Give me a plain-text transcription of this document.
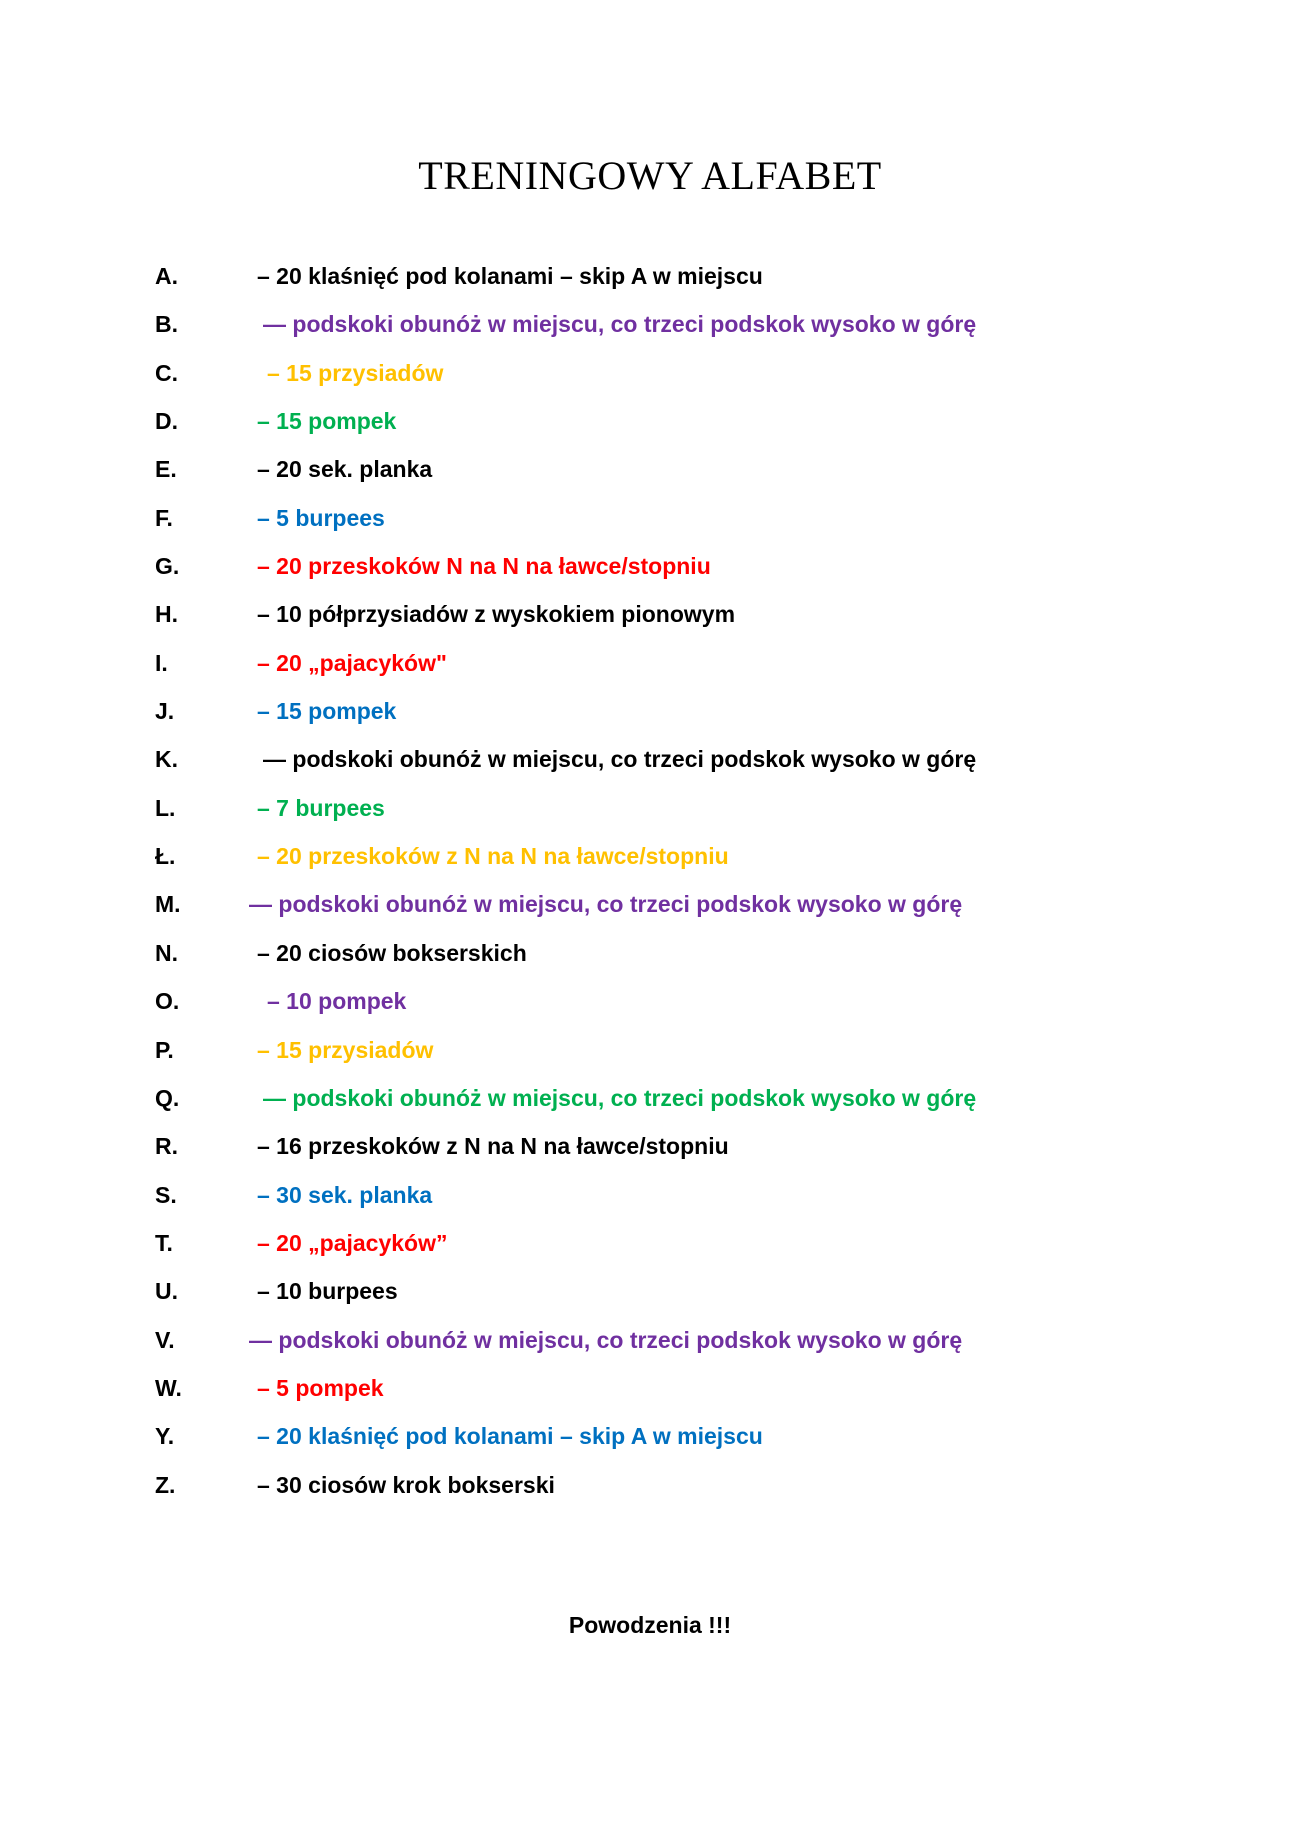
TRENINGOWY ALFABET
A.	– 20 klaśnięć pod kolanami – skip A w miejscu
B.	— podskoki obunóż w miejscu, co trzeci podskok wysoko w górę
C.	– 15 przysiadów
D.	– 15 pompek
E.	– 20 sek. planka
F.	– 5 burpees
G.	– 20 przeskoków N na N na ławce/stopniu
H.	– 10 półprzysiadów z wyskokiem pionowym
I.	– 20 „pajacyków"
J.	– 15 pompek
K.	— podskoki obunóż w miejscu, co trzeci podskok wysoko w górę
L.	– 7 burpees
Ł.	– 20 przeskoków z N na N na ławce/stopniu
M.	— podskoki obunóż w miejscu, co trzeci podskok wysoko w górę
N.	– 20 ciosów bokserskich
O.	– 10 pompek
P.	– 15 przysiadów
Q.	— podskoki obunóż w miejscu, co trzeci podskok wysoko w górę
R.	– 16 przeskoków z N na N na ławce/stopniu
S.	– 30 sek. planka
T.	– 20 „pajacyków”
U.	– 10 burpees
V.	— podskoki obunóż w miejscu, co trzeci podskok wysoko w górę
W.	– 5 pompek
Y.	– 20 klaśnięć pod kolanami – skip A w miejscu
Z.	– 30 ciosów krok bokserski

Powodzenia !!!
